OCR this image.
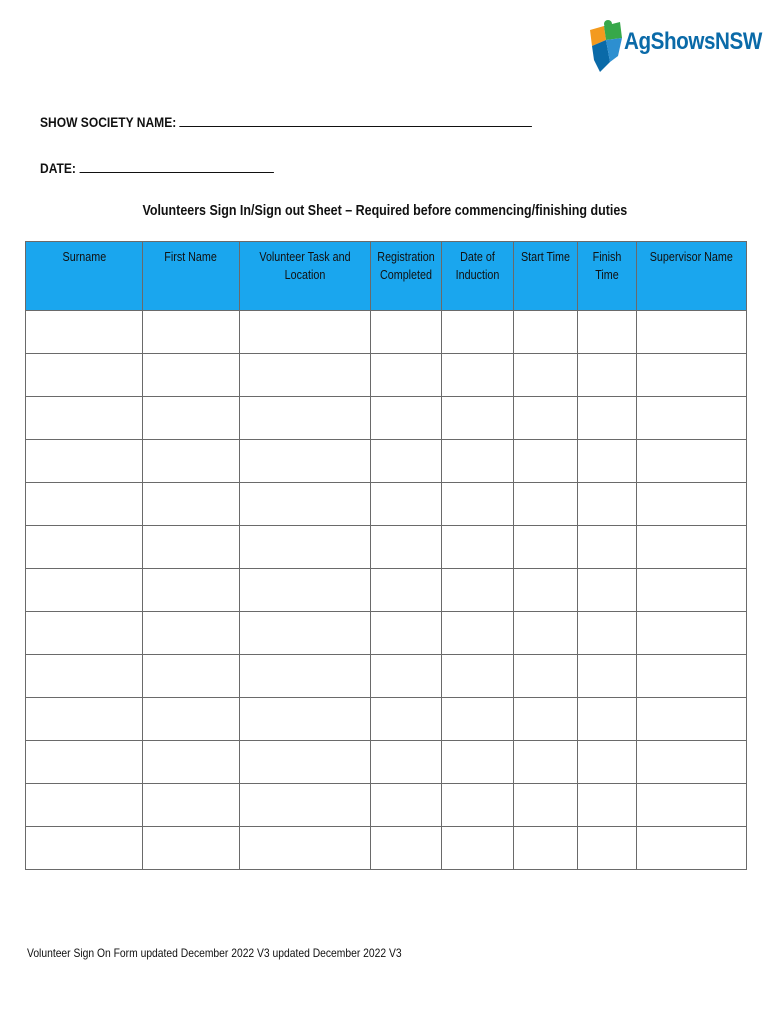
AgShowsNSW
SHOW SOCIETY NAME:
DATE:
Volunteers Sign In/Sign out Sheet – Required before commencing/finishing duties
Surname	First Name	Volunteer Task and Location	Registration Completed	Date of Induction	Start Time	Finish Time	Supervisor Name

Volunteer Sign On Form updated December 2022 V3 updated December 2022 V3
